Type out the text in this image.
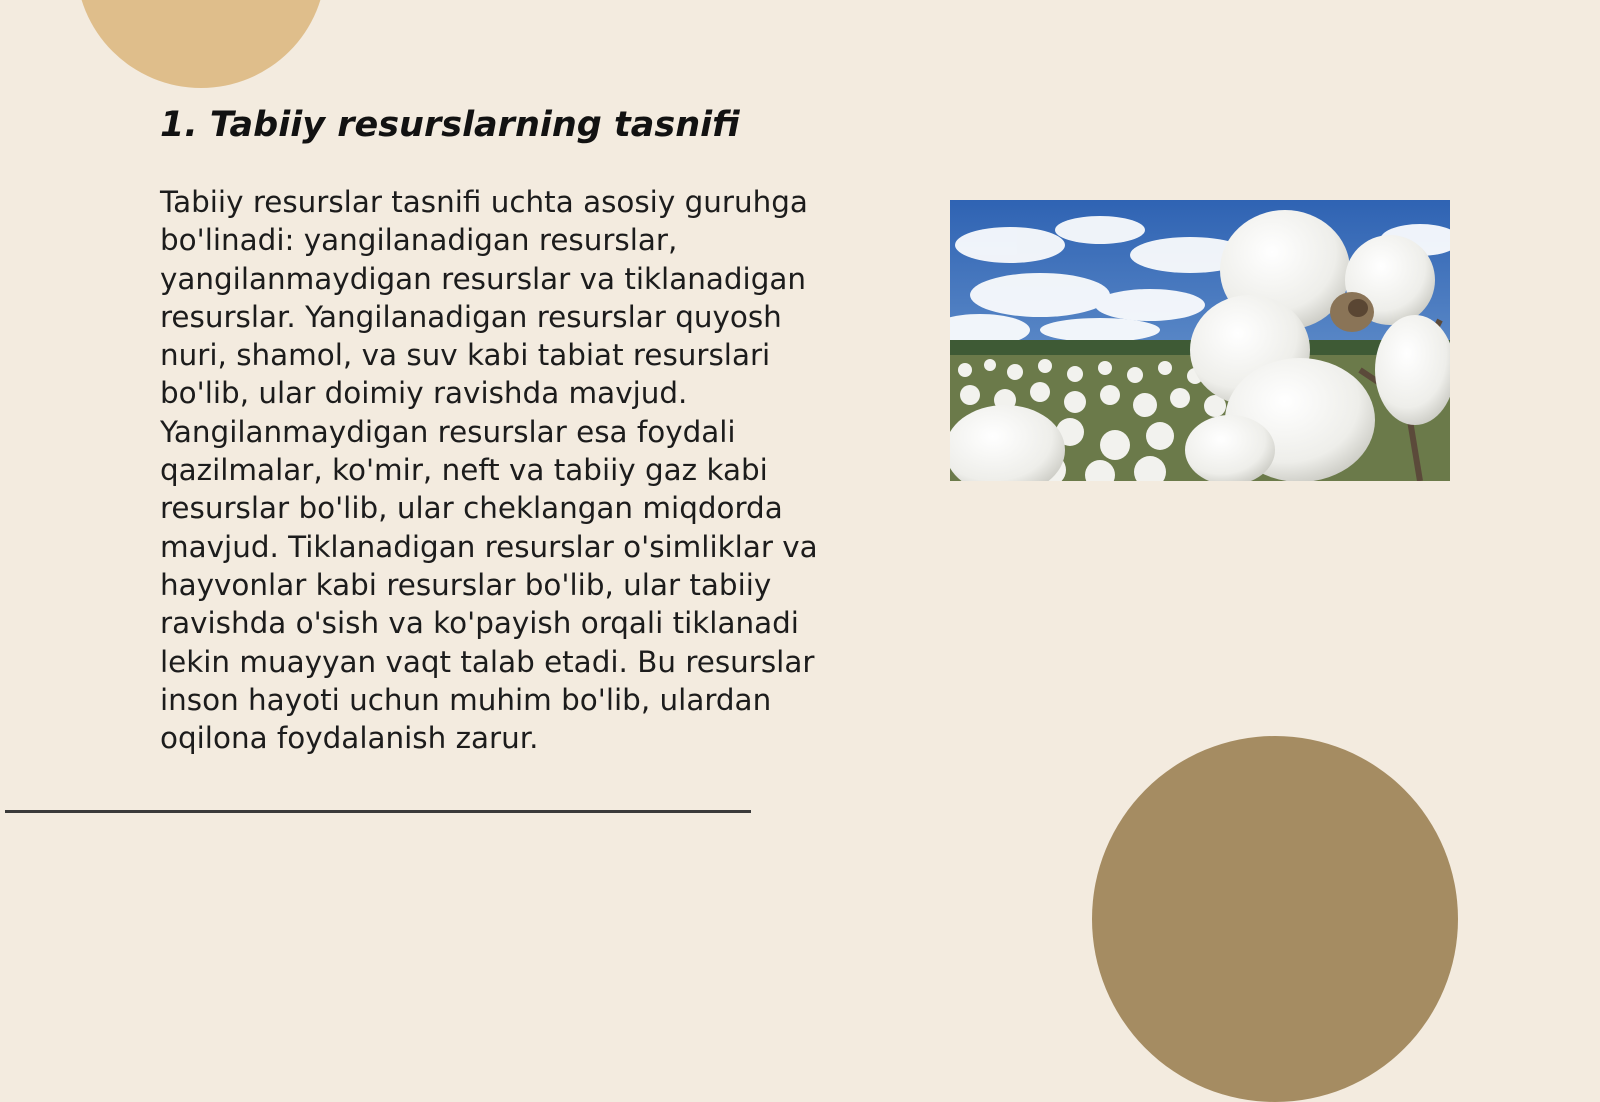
1. Tabiiy resurslarning tasnifi

Tabiiy resurslar tasnifi uchta asosiy guruhga bo'linadi: yangilanadigan resurslar, yangilanmaydigan resurslar va tiklanadigan resurslar. Yangilanadigan resurslar quyosh nuri, shamol, va suv kabi tabiat resurslari bo'lib, ular doimiy ravishda mavjud. Yangilanmaydigan resurslar esa foydali qazilmalar, ko'mir, neft va tabiiy gaz kabi resurslar bo'lib, ular cheklangan miqdorda mavjud. Tiklanadigan resurslar o'simliklar va hayvonlar kabi resurslar bo'lib, ular tabiiy ravishda o'sish va ko'payish orqali tiklanadi lekin muayyan vaqt talab etadi. Bu resurslar inson hayoti uchun muhim bo'lib, ulardan oqilona foydalanish zarur.
